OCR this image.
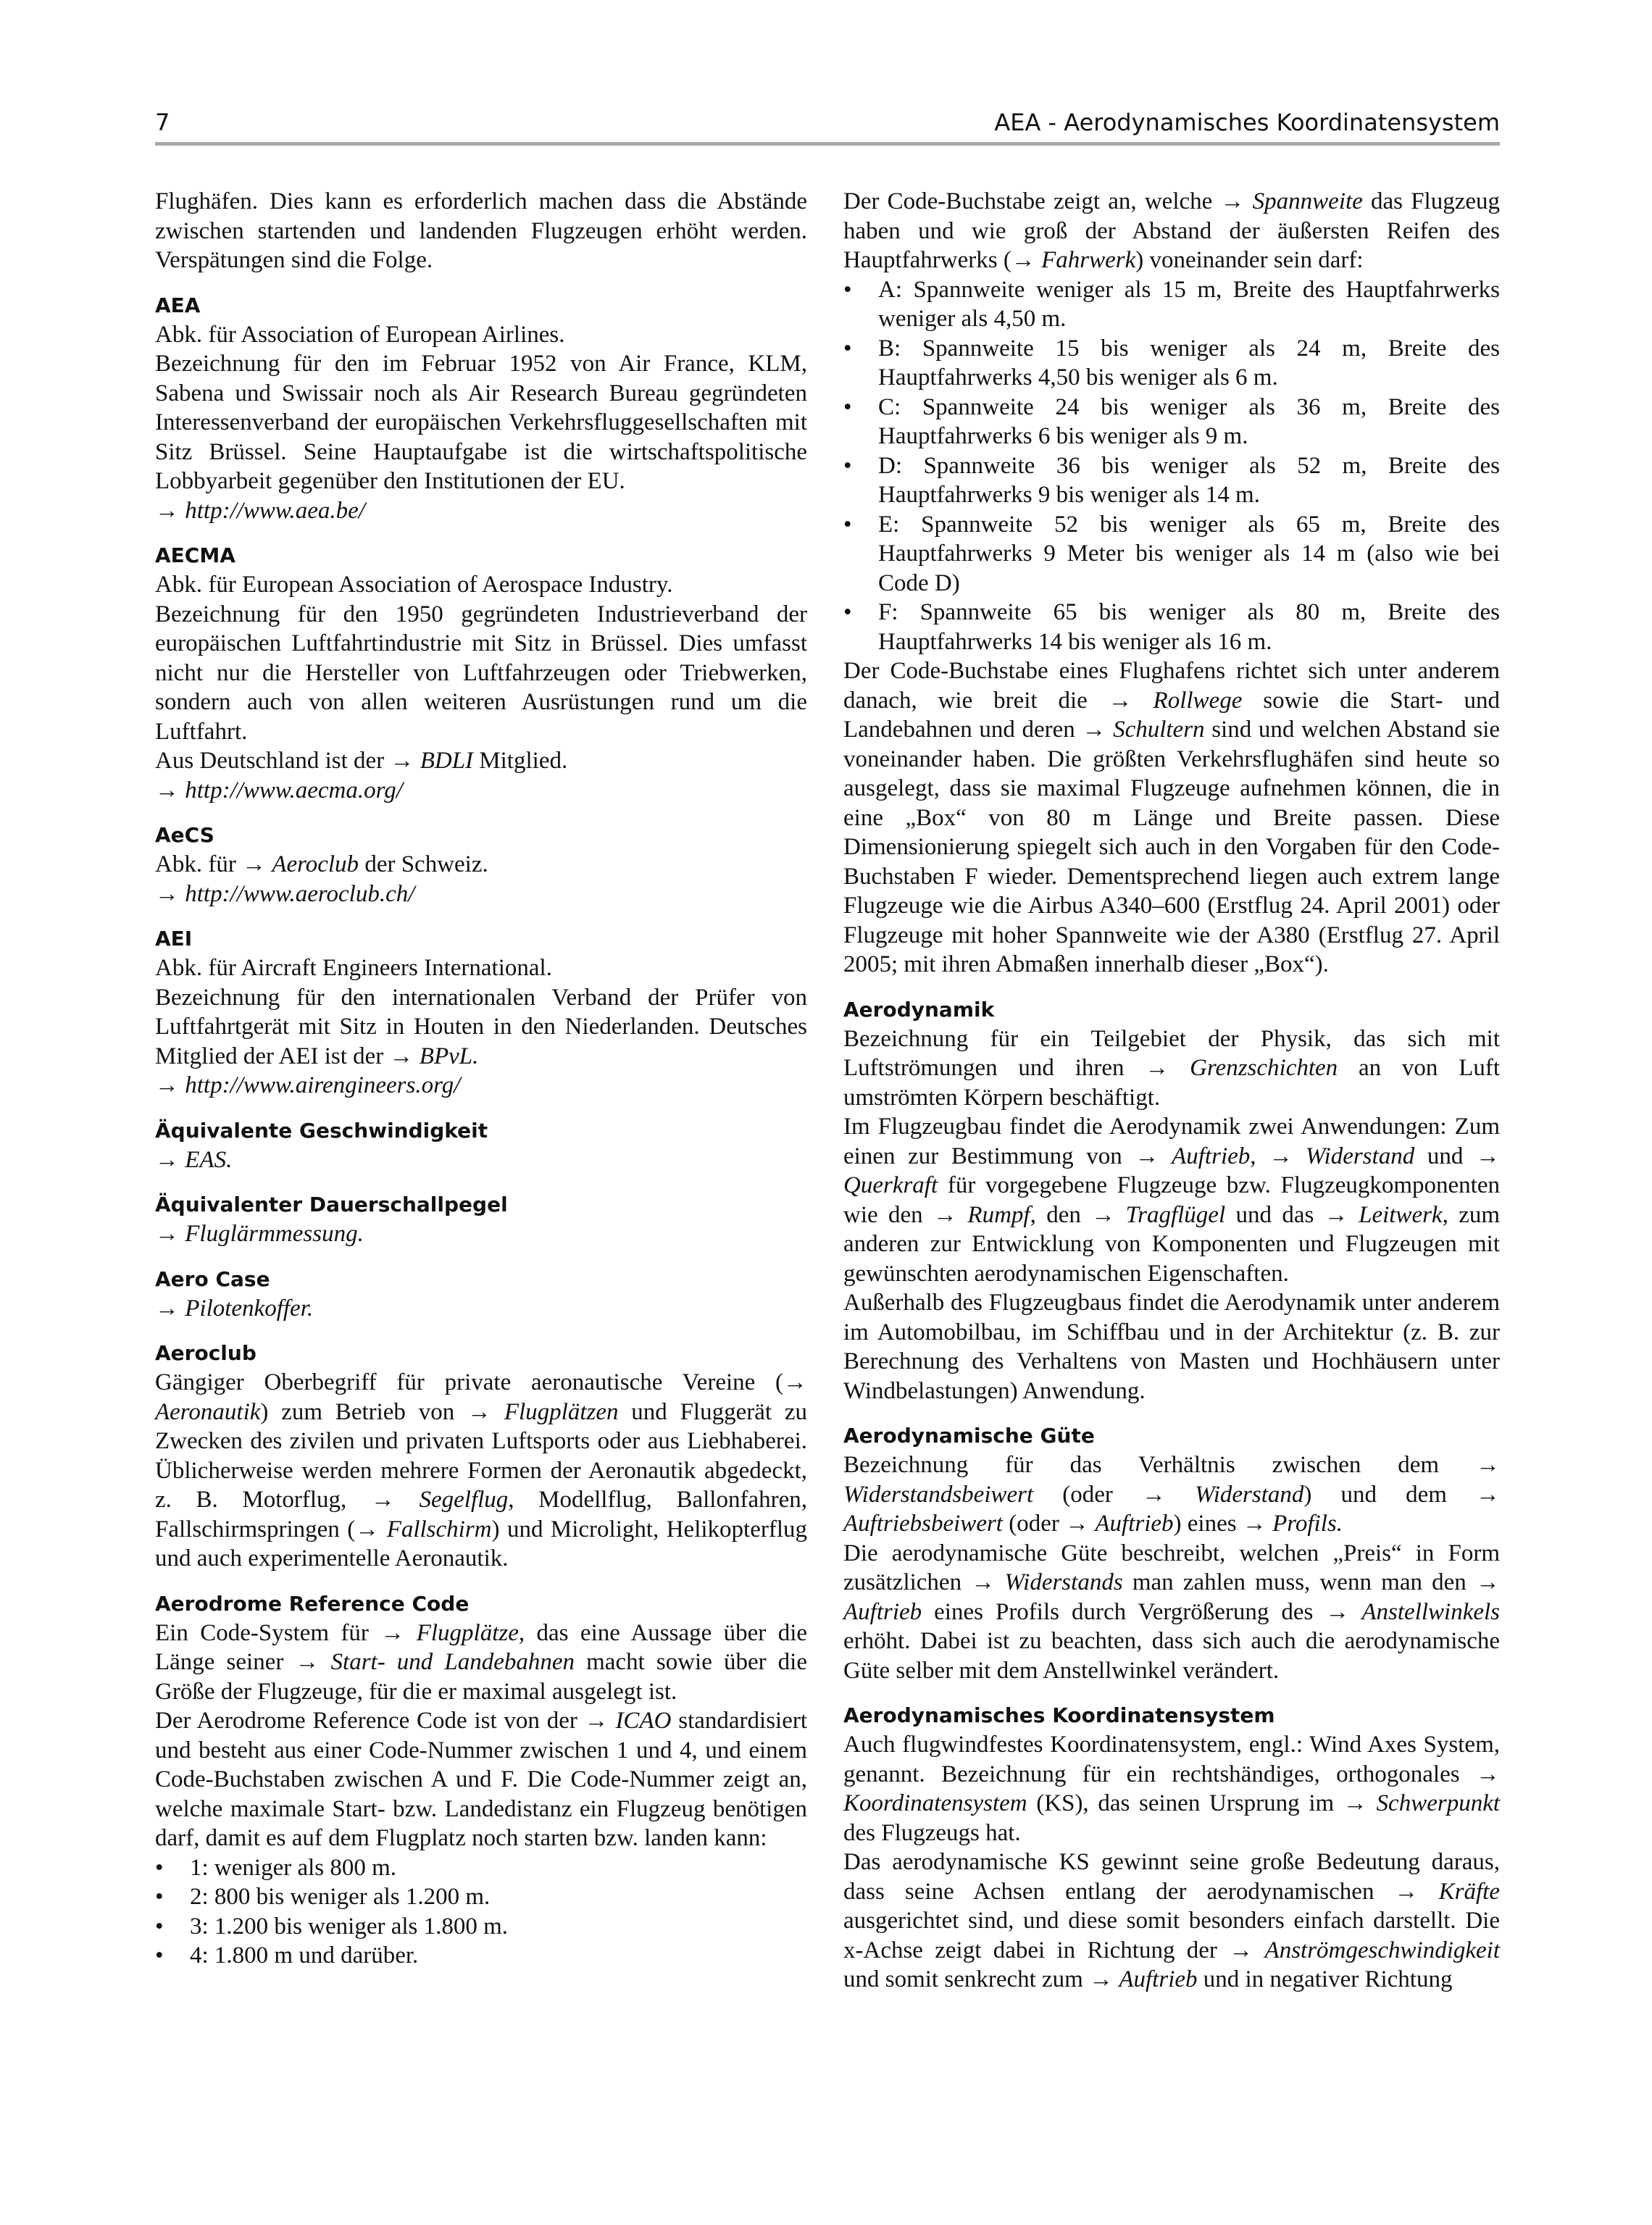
7	AEA - Aerodynamisches Koordinatensystem

Flughäfen. Dies kann es erforderlich machen dass die Abstände zwischen startenden und landenden Flugzeugen erhöht werden. Verspätungen sind die Folge.

AEA

Abk. für Association of European Airlines.

Bezeichnung für den im Februar 1952 von Air France, KLM, Sabena und Swissair noch als Air Research Bureau gegründeten Interessenverband der europäischen Verkehrsfluggesellschaften mit Sitz Brüssel. Seine Hauptaufgabe ist die wirtschaftspolitische Lobbyarbeit gegenüber den Institutionen der EU.

→ http://www.aea.be/

AECMA

Abk. für European Association of Aerospace Industry.

Bezeichnung für den 1950 gegründeten Industrieverband der europäischen Luftfahrtindustrie mit Sitz in Brüssel. Dies umfasst nicht nur die Hersteller von Luftfahrzeugen oder Triebwerken, sondern auch von allen weiteren Ausrüstungen rund um die Luftfahrt.

Aus Deutschland ist der → BDLI Mitglied.

→ http://www.aecma.org/

AeCS

Abk. für → Aeroclub der Schweiz.

→ http://www.aeroclub.ch/

AEI

Abk. für Aircraft Engineers International.

Bezeichnung für den internationalen Verband der Prüfer von Luftfahrtgerät mit Sitz in Houten in den Niederlanden. Deutsches Mitglied der AEI ist der → BPvL.

→ http://www.airengineers.org/

Äquivalente Geschwindigkeit

→ EAS.

Äquivalenter Dauerschallpegel

→ Fluglärmmessung.

Aero Case

→ Pilotenkoffer.

Aeroclub

Gängiger Oberbegriff für private aeronautische Vereine (→ Aeronautik) zum Betrieb von → Flugplätzen und Fluggerät zu Zwecken des zivilen und privaten Luftsports oder aus Liebhaberei. Üblicherweise werden mehrere Formen der Aeronautik abgedeckt, z. B. Motorflug, → Segelflug, Modellflug, Ballonfahren, Fallschirmspringen (→ Fallschirm) und Microlight, Helikopterflug und auch experimentelle Aeronautik.

Aerodrome Reference Code

Ein Code-System für → Flugplätze, das eine Aussage über die Länge seiner → Start- und Landebahnen macht sowie über die Größe der Flugzeuge, für die er maximal ausgelegt ist.

Der Aerodrome Reference Code ist von der → ICAO standardisiert und besteht aus einer Code-Nummer zwischen 1 und 4, und einem Code-Buchstaben zwischen A und F. Die Code-Nummer zeigt an, welche maximale Start- bzw. Landedistanz ein Flugzeug benötigen darf, damit es auf dem Flugplatz noch starten bzw. landen kann:

• 1: weniger als 800 m.
• 2: 800 bis weniger als 1.200 m.
• 3: 1.200 bis weniger als 1.800 m.
• 4: 1.800 m und darüber.

Der Code-Buchstabe zeigt an, welche → Spannweite das Flugzeug haben und wie groß der Abstand der äußersten Reifen des Hauptfahrwerks (→ Fahrwerk) voneinander sein darf:

• A: Spannweite weniger als 15 m, Breite des Hauptfahrwerks weniger als 4,50 m.
• B: Spannweite 15 bis weniger als 24 m, Breite des Hauptfahrwerks 4,50 bis weniger als 6 m.
• C: Spannweite 24 bis weniger als 36 m, Breite des Hauptfahrwerks 6 bis weniger als 9 m.
• D: Spannweite 36 bis weniger als 52 m, Breite des Hauptfahrwerks 9 bis weniger als 14 m.
• E: Spannweite 52 bis weniger als 65 m, Breite des Hauptfahrwerks 9 Meter bis weniger als 14 m (also wie bei Code D)
• F: Spannweite 65 bis weniger als 80 m, Breite des Hauptfahrwerks 14 bis weniger als 16 m.

Der Code-Buchstabe eines Flughafens richtet sich unter anderem danach, wie breit die → Rollwege sowie die Start- und Landebahnen und deren → Schultern sind und welchen Abstand sie voneinander haben. Die größten Verkehrsflughäfen sind heute so ausgelegt, dass sie maximal Flugzeuge aufnehmen können, die in eine „Box“ von 80 m Länge und Breite passen. Diese Dimensionierung spiegelt sich auch in den Vorgaben für den Code-Buchstaben F wieder. Dementsprechend liegen auch extrem lange Flugzeuge wie die Airbus A340–600 (Erstflug 24. April 2001) oder Flugzeuge mit hoher Spannweite wie der A380 (Erstflug 27. April 2005; mit ihren Abmaßen innerhalb dieser „Box“).

Aerodynamik

Bezeichnung für ein Teilgebiet der Physik, das sich mit Luftströmungen und ihren → Grenzschichten an von Luft umströmten Körpern beschäftigt.

Im Flugzeugbau findet die Aerodynamik zwei Anwendungen: Zum einen zur Bestimmung von → Auftrieb, → Widerstand und → Querkraft für vorgegebene Flugzeuge bzw. Flugzeugkomponenten wie den → Rumpf, den → Tragflügel und das → Leitwerk, zum anderen zur Entwicklung von Komponenten und Flugzeugen mit gewünschten aerodynamischen Eigenschaften.

Außerhalb des Flugzeugbaus findet die Aerodynamik unter anderem im Automobilbau, im Schiffbau und in der Architektur (z. B. zur Berechnung des Verhaltens von Masten und Hochhäusern unter Windbelastungen) Anwendung.

Aerodynamische Güte

Bezeichnung für das Verhältnis zwischen dem → Widerstandsbeiwert (oder → Widerstand) und dem → Auftriebsbeiwert (oder → Auftrieb) eines → Profils.

Die aerodynamische Güte beschreibt, welchen „Preis“ in Form zusätzlichen → Widerstands man zahlen muss, wenn man den → Auftrieb eines Profils durch Vergrößerung des → Anstellwinkels erhöht. Dabei ist zu beachten, dass sich auch die aerodynamische Güte selber mit dem Anstellwinkel verändert.

Aerodynamisches Koordinatensystem

Auch flugwindfestes Koordinatensystem, engl.: Wind Axes System, genannt. Bezeichnung für ein rechtshändiges, orthogonales → Koordinatensystem (KS), das seinen Ursprung im → Schwerpunkt des Flugzeugs hat.

Das aerodynamische KS gewinnt seine große Bedeutung daraus, dass seine Achsen entlang der aerodynamischen → Kräfte ausgerichtet sind, und diese somit besonders einfach darstellt. Die x-Achse zeigt dabei in Richtung der → Anströmgeschwindigkeit und somit senkrecht zum → Auftrieb und in negativer Richtung
